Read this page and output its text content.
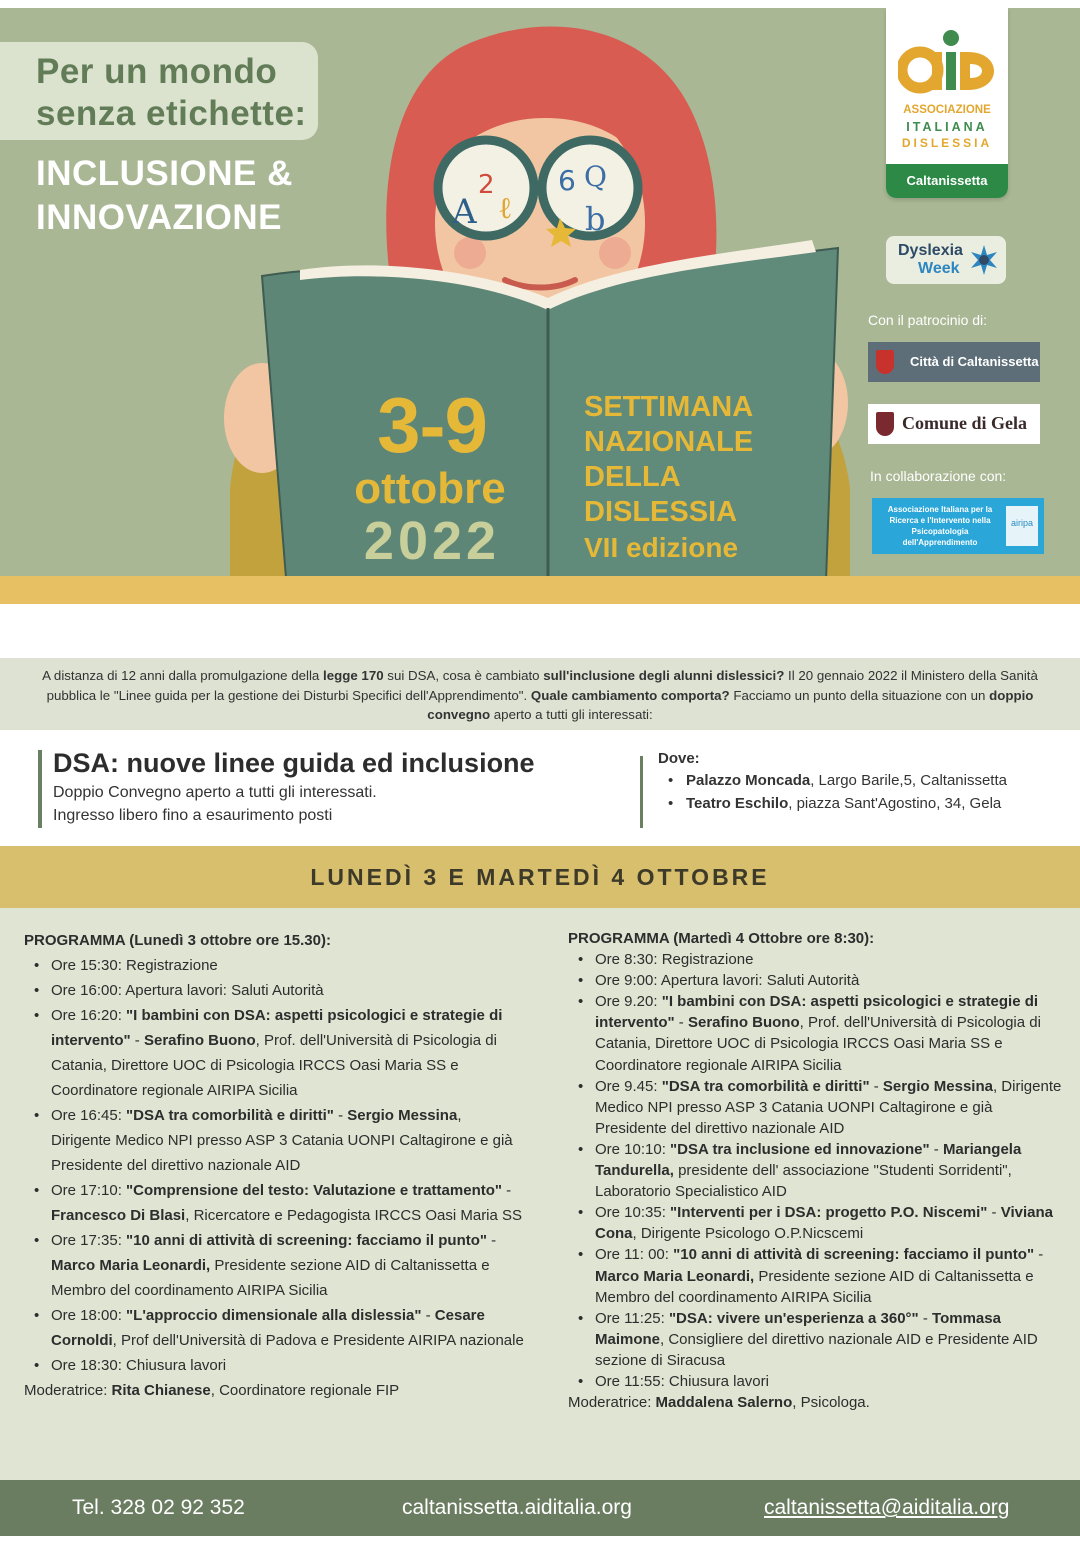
A
2
ℓ
6 Q
b
Per un mondo
senza etichette:
INCLUSIONE &
INNOVAZIONE
3-9
ottobre
2022
SETTIMANA
NAZIONALE
DELLA
DISLESSIA
VII edizione
ASSOCIAZIONE
ITALIANA
DISLESSIA
Caltanissetta
Dyslexia
Week
Con il patrocinio di:
Città di Caltanissetta
Comune di Gela
In collaborazione con:
Associazione Italiana per la Ricerca e l'Intervento nella Psicopatologia dell'Apprendimento
airipa
A distanza di 12 anni dalla promulgazione della legge 170 sui DSA, cosa è cambiato sull'inclusione degli alunni dislessici? Il 20 gennaio 2022 il Ministero della Sanità pubblica le "Linee guida per la gestione dei Disturbi Specifici dell'Apprendimento". Quale cambiamento comporta? Facciamo un punto della situazione con un doppio convegno aperto a tutti gli interessati:
DSA: nuove linee guida ed inclusione
Doppio Convegno aperto a tutti gli interessati.
Ingresso libero fino a esaurimento posti
Dove:
• Palazzo Moncada, Largo Barile,5, Caltanissetta
• Teatro Eschilo, piazza Sant'Agostino, 34, Gela
LUNEDÌ 3 E MARTEDÌ 4 OTTOBRE
PROGRAMMA (Lunedì 3 ottobre ore 15.30):
• Ore 15:30: Registrazione
• Ore 16:00: Apertura lavori: Saluti Autorità
• Ore 16:20: "I bambini con DSA: aspetti psicologici e strategie di intervento" - Serafino Buono, Prof. dell'Università di Psicologia di Catania, Direttore UOC di Psicologia IRCCS Oasi Maria SS e Coordinatore regionale AIRIPA Sicilia
• Ore 16:45: "DSA tra comorbilità e diritti" - Sergio Messina, Dirigente Medico NPI presso ASP 3 Catania UONPI Caltagirone e già Presidente del direttivo nazionale AID
• Ore 17:10: "Comprensione del testo: Valutazione e trattamento" - Francesco Di Blasi, Ricercatore e Pedagogista IRCCS Oasi Maria SS
• Ore 17:35: "10 anni di attività di screening: facciamo il punto" - Marco Maria Leonardi, Presidente sezione AID di Caltanissetta e Membro del coordinamento AIRIPA Sicilia
• Ore 18:00: "L'approccio dimensionale alla dislessia" - Cesare Cornoldi, Prof dell'Università di Padova e Presidente AIRIPA nazionale
• Ore 18:30: Chiusura lavori
Moderatrice: Rita Chianese, Coordinatore regionale FIP
PROGRAMMA (Martedì 4 Ottobre ore 8:30):
• Ore 8:30: Registrazione
• Ore 9:00: Apertura lavori: Saluti Autorità
• Ore 9.20: "I bambini con DSA: aspetti psicologici e strategie di intervento" - Serafino Buono, Prof. dell'Università di Psicologia di Catania, Direttore UOC di Psicologia IRCCS Oasi Maria SS e Coordinatore regionale AIRIPA Sicilia
• Ore 9.45: "DSA tra comorbilità e diritti" - Sergio Messina, Dirigente Medico NPI presso ASP 3 Catania UONPI Caltagirone e già Presidente del direttivo nazionale AID
• Ore 10:10: "DSA tra inclusione ed innovazione" - Mariangela Tandurella, presidente dell' associazione "Studenti Sorridenti", Laboratorio Specialistico AID
• Ore 10:35: "Interventi per i DSA: progetto P.O. Niscemi" - Viviana Cona, Dirigente Psicologo O.P.Nicscemi
• Ore 11: 00: "10 anni di attività di screening: facciamo il punto" - Marco Maria Leonardi, Presidente sezione AID di Caltanissetta e Membro del coordinamento AIRIPA Sicilia
• Ore 11:25: "DSA: vivere un'esperienza a 360°" - Tommasa Maimone, Consigliere del direttivo nazionale AID e Presidente AID sezione di Siracusa
• Ore 11:55: Chiusura lavori
Moderatrice: Maddalena Salerno, Psicologa.
Tel. 328 02 92 352	caltanissetta.aiditalia.org	caltanissetta@aiditalia.org
